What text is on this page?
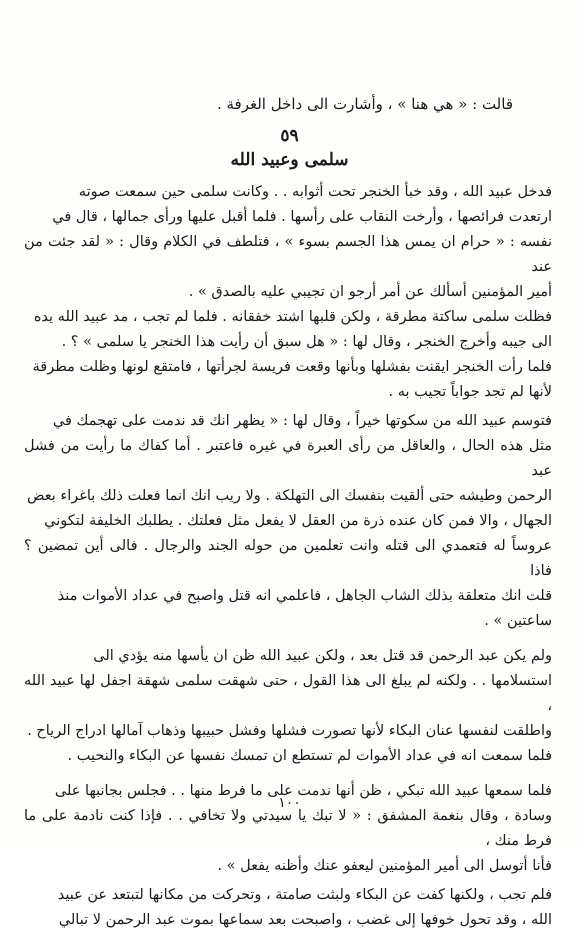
قالت : « هي هنا » ، وأشارت الى داخل الغرفة .

٥٩

سلمى وعبيد الله

فدخل عبيد الله ، وقد خبأ الخنجر تحت أثوابه . . وكانت سلمى حين سمعت صوته

ارتعدت فرائصها ، وأرخت النقاب على رأسها . فلما أقبل عليها ورأى جمالها ، قال في

نفسه : « حرام ان يمس هذا الجسم بسوء » ، فتلطف في الكلام وقال : « لقد جئت من عند

أمير المؤمنين أسألك عن أمر أرجو ان تجيبي عليه بالصدق » .

فظلت سلمى ساكتة مطرقة ، ولكن قلبها اشتد خفقانه . فلما لم تجب ، مد عبيد الله يده

الى جيبه وأخرج الخنجر ، وقال لها : « هل سبق أن رأيت هذا الخنجر يا سلمى » ؟ .

فلما رأت الخنجر ايقنت بفشلها وبأنها وقعت فريسة لجرأتها ، فامتقع لونها وظلت مطرقة

لأنها لم تجد جواباً تجيب به .

فتوسم عبيد الله من سكوتها خيراً ، وقال لها : « يظهر انك قد ندمت على تهجمك في

مثل هذه الحال ، والعاقل من رأى العبرة في غيره فاعتبر . أما كفاك ما رأيت من فشل عبد

الرحمن وطيشه حتى ألقيت بنفسك الى التهلكة . ولا ريب انك انما فعلت ذلك باغراء بعض

الجهال ، والا فمن كان عنده ذرة من العقل لا يفعل مثل فعلتك . يطلبك الخليفة لتكوني

عروساً له فتعمدي الى قتله وانت تعلمين من حوله الجند والرجال . فالى أين تمضين ؟ فاذا

قلت انك متعلقة بذلك الشاب الجاهل ، فاعلمي انه قتل واصبح في عداد الأموات منذ

ساعتين » .

ولم يكن عبد الرحمن قد قتل بعد ، ولكن عبيد الله ظن ان يأسها منه يؤدي الى

استسلامها . . ولكنه لم يبلغ الى هذا القول ، حتى شهقت سلمى شهقة اجفل لها عبيد الله ،

واطلقت لنفسها عنان البكاء لأنها تصورت فشلها وفشل حبيبها وذهاب آمالها ادراج الرياح .

فلما سمعت انه في عداد الأموات لم تستطع ان تمسك نفسها عن البكاء والنحيب .

فلما سمعها عبيد الله تبكي ، ظن أنها ندمت على ما فرط منها . . فجلس بجانبها على

وسادة ، وقال بنغمة المشفق : « لا تبك يا سيدتي ولا تخافي . . فإذا كنت نادمة على ما فرط منك ،

فأنا أتوسل الى أمير المؤمنين ليعفو عنك وأظنه يفعل » .

فلم تجب ، ولكنها كفت عن البكاء ولبثت صامتة ، وتحركت من مكانها لتبتعد عن عبيد

الله ، وقد تحول خوفها إلى غضب ، واصبحت بعد سماعها بموت عبد الرحمن لا تبالي

١٠٠
